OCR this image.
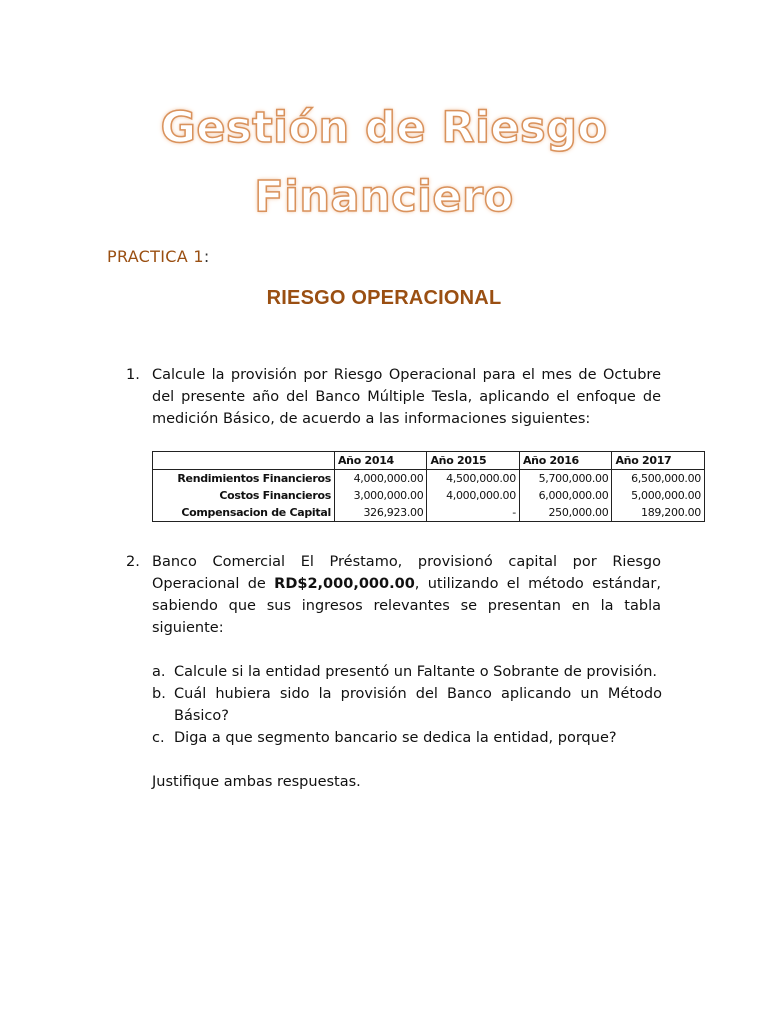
Gestión de Riesgo
Financiero
PRACTICA 1:
RIESGO OPERACIONAL
1. Calcule la provisión por Riesgo Operacional para el mes de Octubre del presente año del Banco Múltiple Tesla, aplicando el enfoque de medición Básico, de acuerdo a las informaciones siguientes:
	Año 2014	Año 2015	Año 2016	Año 2017
Rendimientos Financieros	4,000,000.00	4,500,000.00	5,700,000.00	6,500,000.00
Costos Financieros	3,000,000.00	4,000,000.00	6,000,000.00	5,000,000.00
Compensacion de Capital	326,923.00	-	250,000.00	189,200.00
2. Banco Comercial El Préstamo, provisionó capital por Riesgo Operacional de RD$2,000,000.00, utilizando el método estándar, sabiendo que sus ingresos relevantes se presentan en la tabla siguiente:
a. Calcule si la entidad presentó un Faltante o Sobrante de provisión.
b. Cuál hubiera sido la provisión del Banco aplicando un Método Básico?
c. Diga a que segmento bancario se dedica la entidad, porque?
Justifique ambas respuestas.
